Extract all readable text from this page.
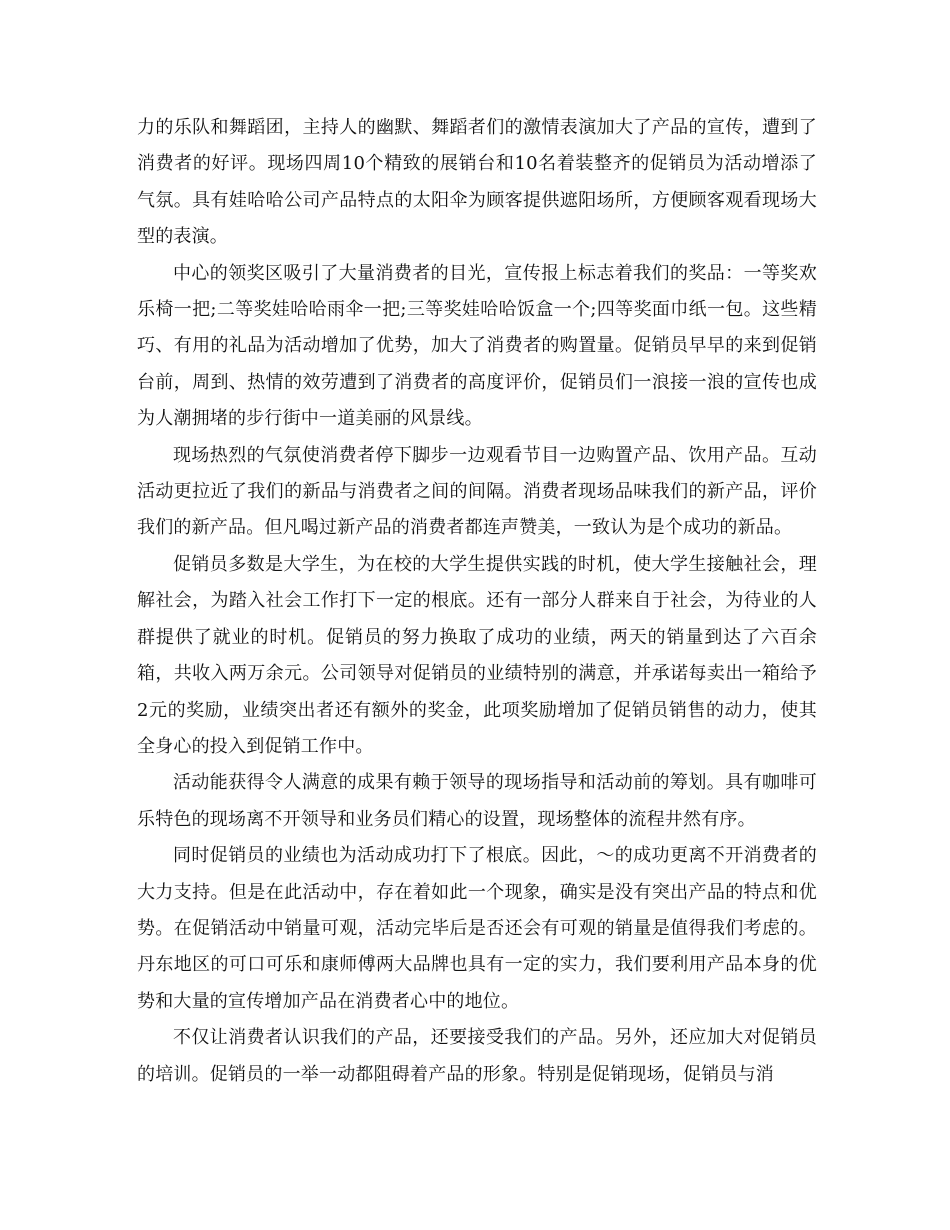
力的乐队和舞蹈团，主持人的幽默、舞蹈者们的激情表演加大了产品的宣传，遭到了消费者的好评。现场四周10个精致的展销台和10名着装整齐的促销员为活动增添了气氛。具有娃哈哈公司产品特点的太阳伞为顾客提供遮阳场所，方便顾客观看现场大型的表演。

中心的领奖区吸引了大量消费者的目光，宣传报上标志着我们的奖品：一等奖欢乐椅一把;二等奖娃哈哈雨伞一把;三等奖娃哈哈饭盒一个;四等奖面巾纸一包。这些精巧、有用的礼品为活动增加了优势，加大了消费者的购置量。促销员早早的来到促销台前，周到、热情的效劳遭到了消费者的高度评价，促销员们一浪接一浪的宣传也成为人潮拥堵的步行街中一道美丽的风景线。

现场热烈的气氛使消费者停下脚步一边观看节目一边购置产品、饮用产品。互动活动更拉近了我们的新品与消费者之间的间隔。消费者现场品味我们的新产品，评价我们的新产品。但凡喝过新产品的消费者都连声赞美，一致认为是个成功的新品。

促销员多数是大学生，为在校的大学生提供实践的时机，使大学生接触社会，理解社会，为踏入社会工作打下一定的根底。还有一部分人群来自于社会，为待业的人群提供了就业的时机。促销员的努力换取了成功的业绩，两天的销量到达了六百余箱，共收入两万余元。公司领导对促销员的业绩特别的满意，并承诺每卖出一箱给予2元的奖励，业绩突出者还有额外的奖金，此项奖励增加了促销员销售的动力，使其全身心的投入到促销工作中。

活动能获得令人满意的成果有赖于领导的现场指导和活动前的筹划。具有咖啡可乐特色的现场离不开领导和业务员们精心的设置，现场整体的流程井然有序。

同时促销员的业绩也为活动成功打下了根底。因此，～的成功更离不开消费者的大力支持。但是在此活动中，存在着如此一个现象，确实是没有突出产品的特点和优势。在促销活动中销量可观，活动完毕后是否还会有可观的销量是值得我们考虑的。丹东地区的可口可乐和康师傅两大品牌也具有一定的实力，我们要利用产品本身的优势和大量的宣传增加产品在消费者心中的地位。

不仅让消费者认识我们的产品，还要接受我们的产品。另外，还应加大对促销员的培训。促销员的一举一动都阻碍着产品的形象。特别是促销现场，促销员与消
